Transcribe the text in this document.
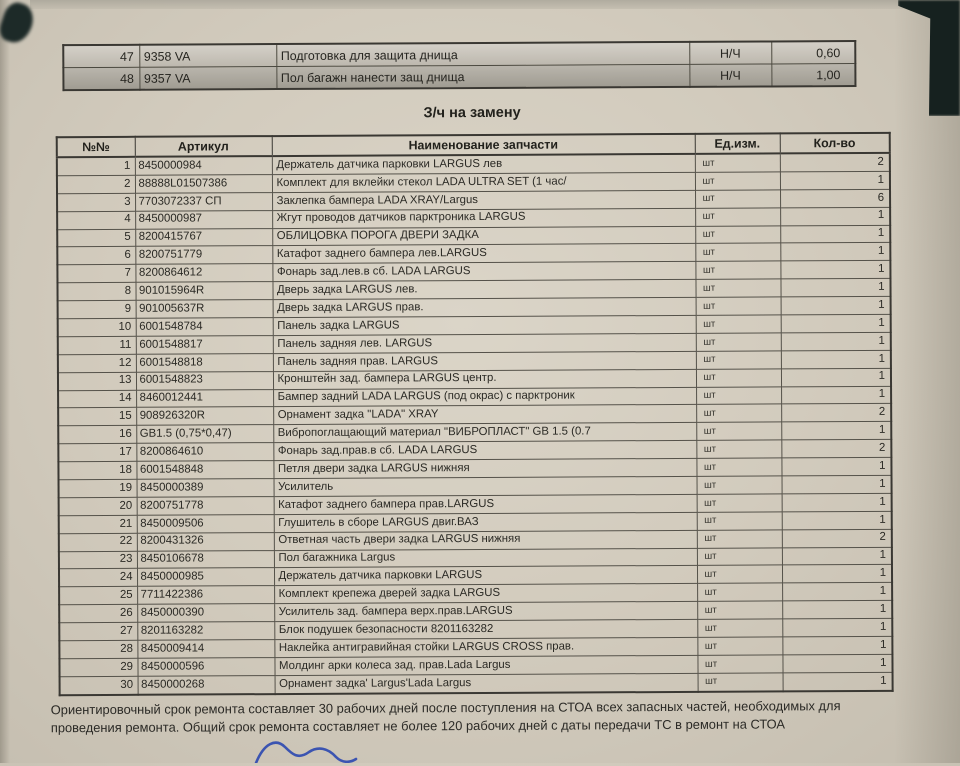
47	9358 VA	Подготовка для защита днища	Н/Ч	0,60
48	9357 VA	Пол багажн нанести защ днища	Н/Ч	1,00
З/ч на замену
№№	Артикул	Наименование запчасти	Ед.изм.	Кол-во
1	8450000984	Держатель датчика парковки LARGUS лев	шт	2
2	88888L01507386	Комплект для вклейки стекол LADA ULTRA SET (1 час/	шт	1
3	7703072337 СП	Заклепка бампера LADA XRAY/Largus	шт	6
4	8450000987	Жгут проводов датчиков парктроника LARGUS	шт	1
5	8200415767	ОБЛИЦОВКА ПОРОГА ДВЕРИ ЗАДКА	шт	1
6	8200751779	Катафот заднего бампера лев.LARGUS	шт	1
7	8200864612	Фонарь зад.лев.в сб. LADA LARGUS	шт	1
8	901015964R	Дверь задка LARGUS лев.	шт	1
9	901005637R	Дверь задка LARGUS прав.	шт	1
10	6001548784	Панель задка LARGUS	шт	1
11	6001548817	Панель задняя лев. LARGUS	шт	1
12	6001548818	Панель задняя прав. LARGUS	шт	1
13	6001548823	Кронштейн зад. бампера LARGUS центр.	шт	1
14	8460012441	Бампер задний LADA LARGUS (под окрас) с парктроник	шт	1
15	908926320R	Орнамент задка "LADA" XRAY	шт	2
16	GB1.5 (0,75*0,47)	Вибропоглащающий материал "ВИБРОПЛАСТ" GB 1.5 (0.7	шт	1
17	8200864610	Фонарь зад.прав.в сб. LADA LARGUS	шт	2
18	6001548848	Петля двери задка LARGUS нижняя	шт	1
19	8450000389	Усилитель	шт	1
20	8200751778	Катафот заднего бампера прав.LARGUS	шт	1
21	8450009506	Глушитель в сборе LARGUS двиг.ВАЗ	шт	1
22	8200431326	Ответная часть двери задка LARGUS нижняя	шт	2
23	8450106678	Пол багажника Largus	шт	1
24	8450000985	Держатель датчика парковки LARGUS	шт	1
25	7711422386	Комплект крепежа дверей задка LARGUS	шт	1
26	8450000390	Усилитель зад. бампера верх.прав.LARGUS	шт	1
27	8201163282	Блок подушек безопасности 8201163282	шт	1
28	8450009414	Наклейка антигравийная стойки LARGUS CROSS прав.	шт	1
29	8450000596	Молдинг арки колеса зад. прав.Lada Largus	шт	1
30	8450000268	Орнамент задка' Largus'Lada Largus	шт	1

Ориентировочный срок ремонта составляет 30 рабочих дней после поступления на СТОА всех запасных частей, необходимых для проведения ремонта. Общий срок ремонта составляет не более 120 рабочих дней с даты передачи ТС в ремонт на СТОА
